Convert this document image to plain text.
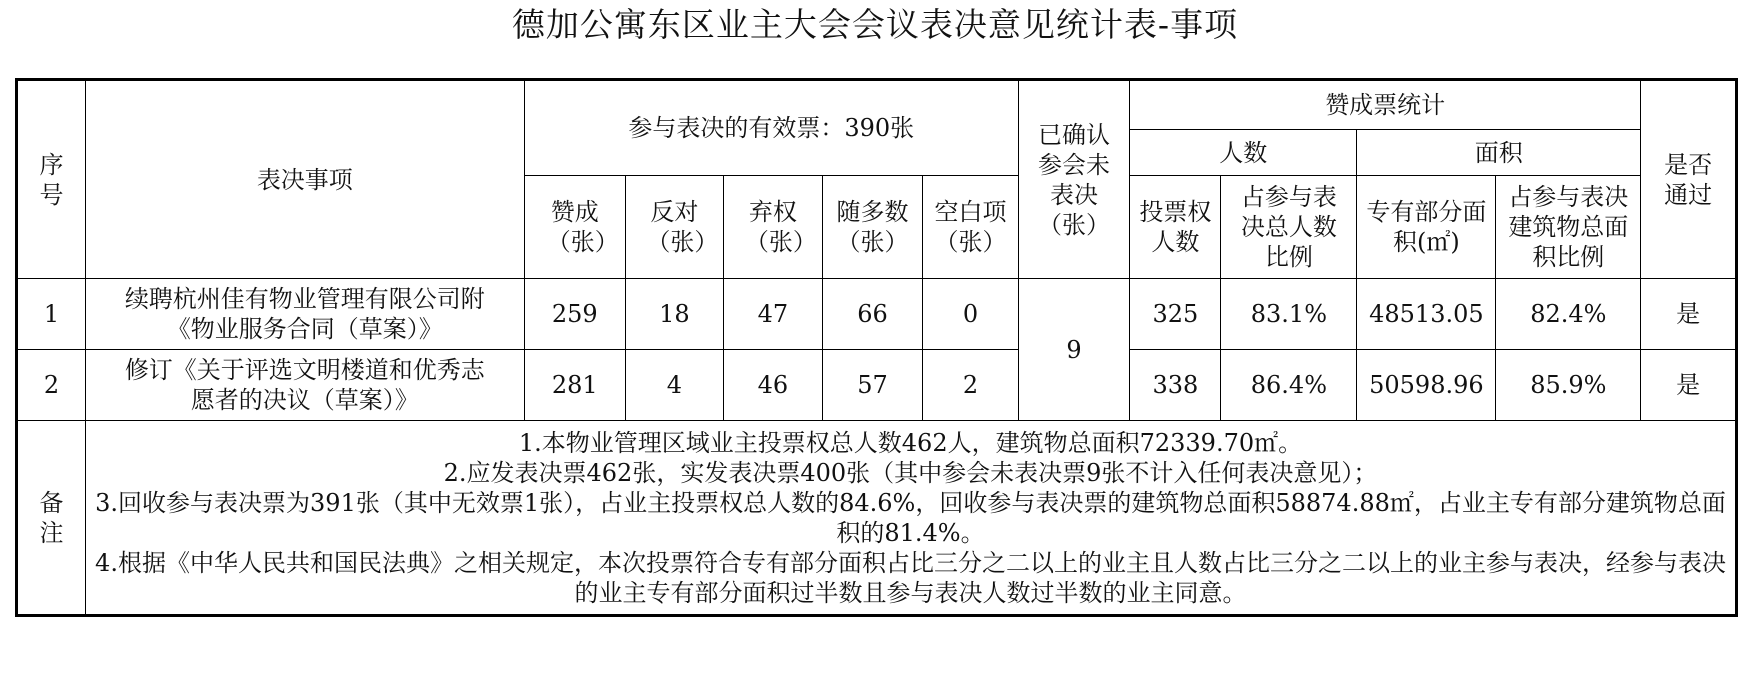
德加公寓东区业主大会会议表决意见统计表-事项
序号	表决事项	参与表决的有效票：390张					已确认参会未表决（张）	赞成票统计				是否通过
								人数		面积		
		赞成（张）	反对（张）	弃权（张）	随多数（张）	空白项（张）		投票权人数	占参与表决总人数比例	专有部分面积(㎡)	占参与表决建筑物总面积比例	
1	续聘杭州佳有物业管理有限公司附《物业服务合同（草案）》	259	18	47	66	0	9	325	83.1%	48513.05	82.4%	是
2	修订《关于评选文明楼道和优秀志愿者的决议（草案）》	281	4	46	57	2		338	86.4%	50598.96	85.9%	是
备注	1.本物业管理区域业主投票权总人数462人，建筑物总面积72339.70㎡。
2.应发表决票462张，实发表决票400张（其中参会未表决票9张不计入任何表决意见）；
3.回收参与表决票为391张（其中无效票1张），占业主投票权总人数的84.6%，回收参与表决票的建筑物总面积58874.88㎡，占业主专有部分建筑物总面积的81.4%。
4.根据《中华人民共和国民法典》之相关规定，本次投票符合专有部分面积占比三分之二以上的业主且人数占比三分之二以上的业主参与表决，经参与表决的业主专有部分面积过半数且参与表决人数过半数的业主同意。											
